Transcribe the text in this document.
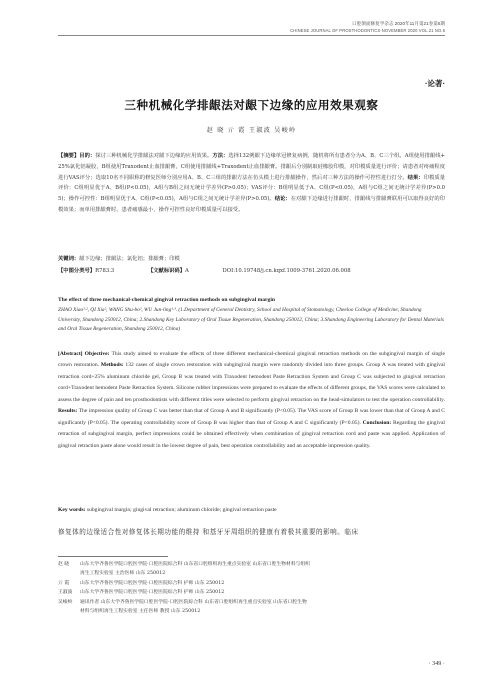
口腔颌面修复学杂志 2020年11月第21卷第6期
CHINESE JOURNAL OF PROSTHODONTICS·NOVEMBER 2020 VOL.21 NO.6
·论著·
三种机械化学排龈法对龈下边缘的应用效果观察
赵 晓 亓 霞 王淑波 吴峻岭
【摘要】目的：探讨三种机械化学排龈法对龈下边缘的应用效果。方法：选择132例龈下边缘单冠修复病例，随机将所有患者分为A、B、C三个组。A组使用排龈线+25%氯化铝凝胶，B组使用Traxodent止血排龈膏，C组使用排龈线+Traxodent止血排龈膏。排龈后分别制取硅橡胶印模，对印模质量进行评价；请患者对疼痛程度进行VAS评分；选取10名不同职称的修复医师分别应用A、B、C三组的排龈方法在仿头模上进行排龈操作，然后对三种方法的操作可控性进行打分。结果：印模质量评价：C组明显优于A、B组(P<0.05)，A组与B组之间无统计学差异(P>0.05)；VAS评分：B组明显低于A、C组(P<0.05)，A组与C组之间无统计学差异(P>0.05)；操作可控性：B组明显优于A、C组(P<0.05)，A组与C组之间无统计学差异(P>0.05)。结论：在对龈下边缘进行排龈时，排龈线与排龈膏联用可以取得良好的印模效果；而单用排龈膏时，患者痛感最小，操作可控性良好印模质量可以接受。
关键词：龈下边缘；排龈法；氯化铝；排龈膏；印模
【中图分类号】R783.3	【文献标识码】A	DOI:10.19748/j.cn.kqxf.1009-3761.2020.06.008
The effect of three mechanical-chemical gingival retraction methods on subgingival margin
ZHAO Xiao¹·², QI Xia², WANG Shu-bo², WU Jun-ling¹·³. (1.Department of General Dentistry, School and Hospital of Stomatology, Cheeloo College of Medicine, Shandong University, Shandong 250012, China; 2.Shandong Key Laboratory of Oral Tissue Regeneration, Shandong 250012, China; 3.Shandong Engineering Laboratory for Dental Materials and Oral Tissue Regeneration, Shandong 250012, China)
[Abstract] Objective: This study aimed to evaluate the effects of three different mechanical-chemical gingival retraction methods on the subgingival margin of single crown restoration. Methods: 132 cases of single crown restoration with subgingival margin were randomly divided into three groups. Group A was treated with gingival retraction cord+25% aluminum chloride gel, Group B was treated with Traxodent hemodent Paste Retraction System and Group C was subjected to gingival retraction cord+Traxodent hemodent Paste Retraction System. Silicone rubber impressions were prepared to evaluate the effects of different groups, the VAS scores were calculated to assess the degree of pain and ten prosthodontists with different titles were selected to perform gingival retraction on the head-simulators to test the operation controllability. Results: The impression quality of Group C was better than that of Group A and B significantly (P<0.05). The VAS score of Group B was lower than that of Group A and C significantly (P<0.05). The operating controllability score of Group B was higher than that of Group A and C significantly (P<0.05). Conclusion: Regarding the gingival retraction of subgingival margin, perfect impressions could be obtained effectively when combination of gingival retraction cord and paste was applied. Application of gingival retraction paste alone would result in the lowest degree of pain, best operation controllability and an acceptable impression quality.
Key words: subgingival margin; gingival retraction; aluminum chloride; gingival retraction paste
修复体的边缘适合性对修复体长期功能的维持 和基牙牙周组织的健康有着极其重要的影响。临床
赵 晓 山东大学齐鲁医学院口腔医学院·口腔医院综合科 山东省口腔组织再生重点实验室 山东省口腔生物材料与组织
再生工程实验室 主治医师 山东 250012
亓 霞 山东大学齐鲁医学院口腔医学院·口腔医院综合科 护师 山东 250012
王淑波 山东大学齐鲁医学院口腔医学院·口腔医院综合科 护师 山东 250012
吴峻岭 通讯作者 山东大学齐鲁医学院口腔医学院·口腔医院综合科 山东省口腔组织再生重点实验室 山东省口腔生物
材料与组织再生工程实验室 主任医师 教授 山东 250012
· 349 ·
